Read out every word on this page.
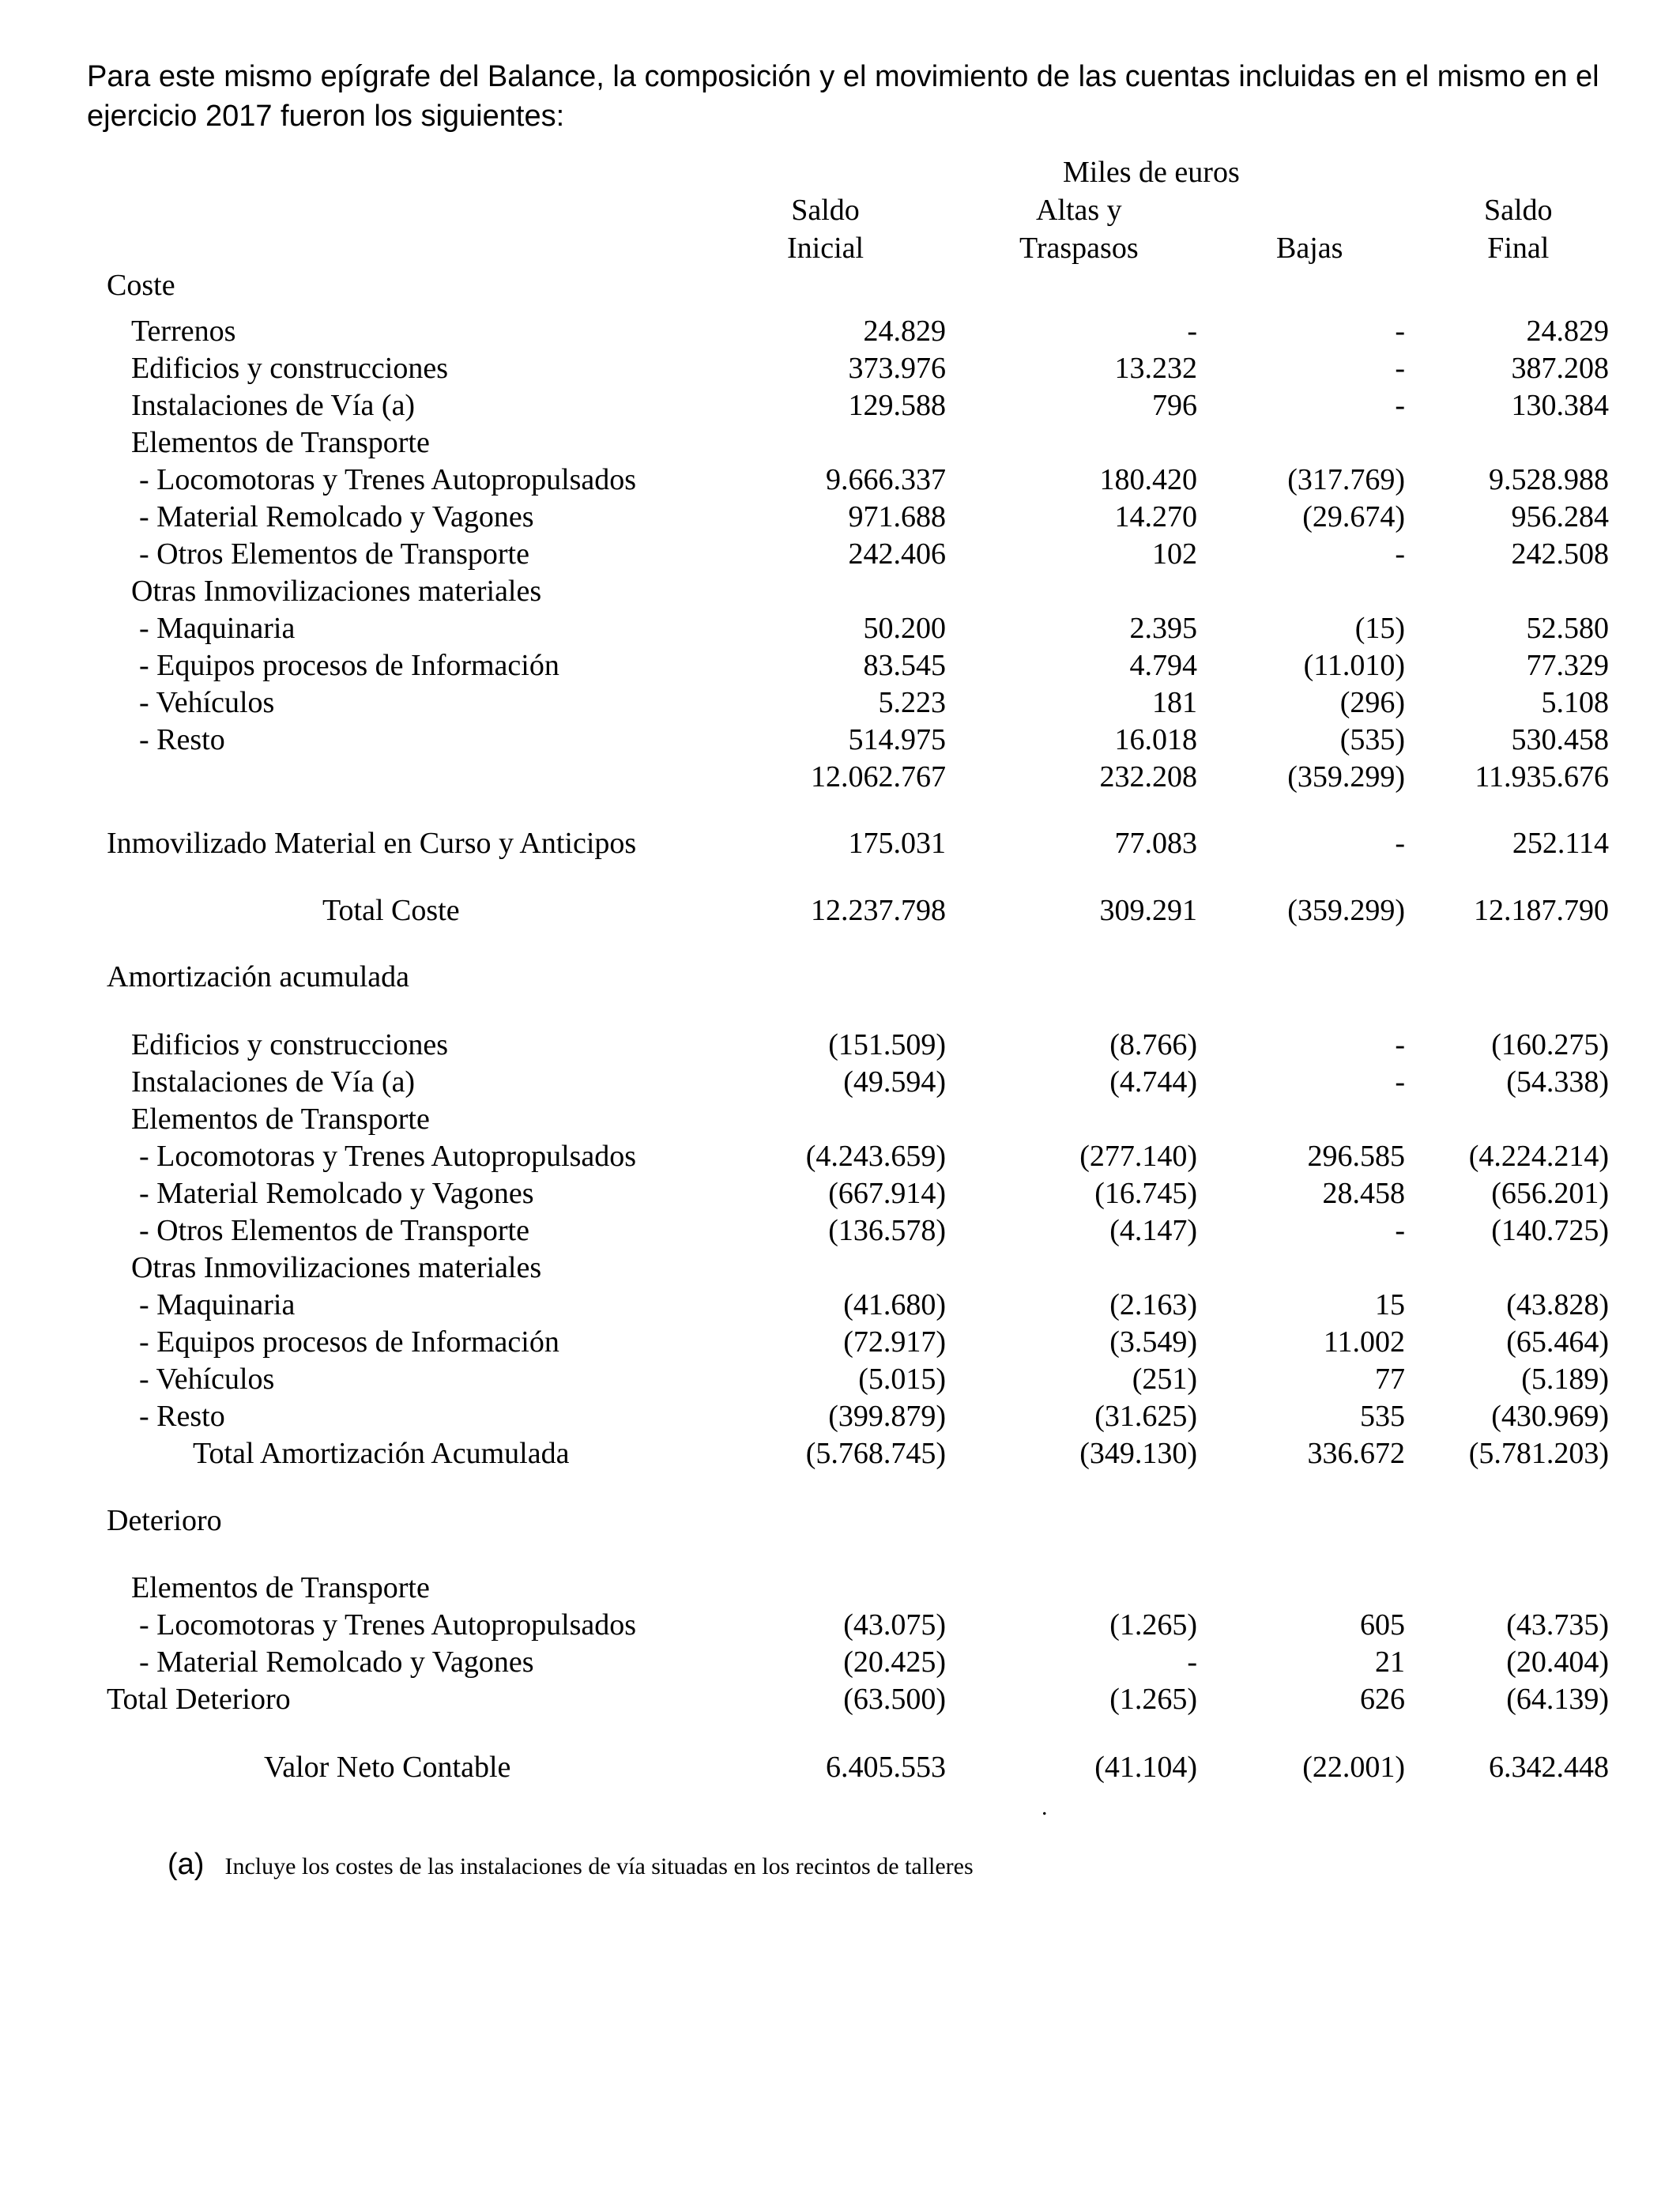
Para este mismo epígrafe del Balance, la composición y el movimiento de las cuentas incluidas en el mismo en el ejercicio 2017 fueron los siguientes:
Miles de euros
Saldo
Inicial
Altas y
Traspasos	Bajas
Saldo
Final
Coste
Terrenos	24.829	-	-	24.829
Edificios y construcciones	373.976	13.232	-	387.208
Instalaciones de Vía (a)	129.588	796	-	130.384
Elementos de Transporte
- Locomotoras y Trenes Autopropulsados	9.666.337	180.420	(317.769)	9.528.988
- Material Remolcado y Vagones	971.688	14.270	(29.674)	956.284
- Otros Elementos de Transporte	242.406	102	-	242.508
Otras Inmovilizaciones materiales
- Maquinaria	50.200	2.395	(15)	52.580
- Equipos procesos de Información	83.545	4.794	(11.010)	77.329
- Vehículos	5.223	181	(296)	5.108
- Resto	514.975	16.018	(535)	530.458
12.062.767	232.208	(359.299)	11.935.676
Inmovilizado Material en Curso y Anticipos	175.031	77.083	-	252.114
Total Coste	12.237.798	309.291	(359.299)	12.187.790
Amortización acumulada
Edificios y construcciones	(151.509)	(8.766)	-	(160.275)
Instalaciones de Vía (a)	(49.594)	(4.744)	-	(54.338)
Elementos de Transporte
- Locomotoras y Trenes Autopropulsados	(4.243.659)	(277.140)	296.585	(4.224.214)
- Material Remolcado y Vagones	(667.914)	(16.745)	28.458	(656.201)
- Otros Elementos de Transporte	(136.578)	(4.147)	-	(140.725)
Otras Inmovilizaciones materiales
- Maquinaria	(41.680)	(2.163)	15	(43.828)
- Equipos procesos de Información	(72.917)	(3.549)	11.002	(65.464)
- Vehículos	(5.015)	(251)	77	(5.189)
- Resto	(399.879)	(31.625)	535	(430.969)
Total Amortización Acumulada	(5.768.745)	(349.130)	336.672	(5.781.203)
Deterioro
Elementos de Transporte
- Locomotoras y Trenes Autopropulsados	(43.075)	(1.265)	605	(43.735)
- Material Remolcado y Vagones	(20.425)	-	21	(20.404)
Total Deterioro	(63.500)	(1.265)	626	(64.139)
Valor Neto Contable	6.405.553	(41.104)	(22.001)	6.342.448
.
(a) Incluye los costes de las instalaciones de vía situadas en los recintos de talleres
